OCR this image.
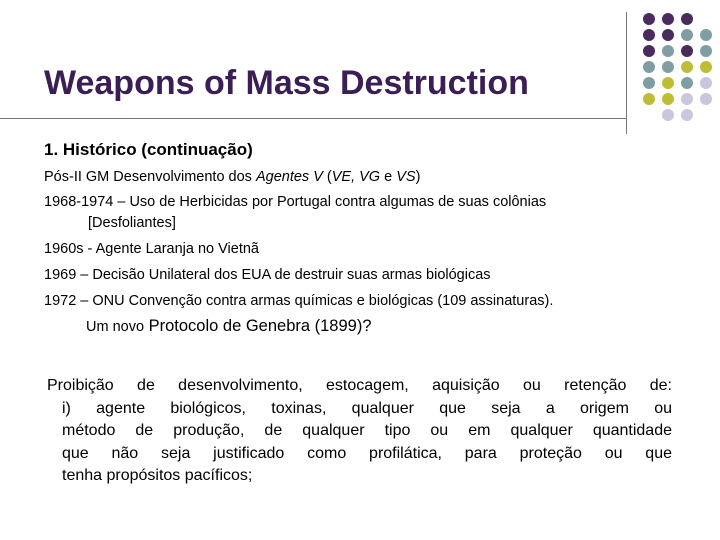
Weapons of Mass Destruction
1. Histórico (continuação)
Pós-II GM Desenvolvimento dos Agentes V (VE, VG e VS)
1968-1974 – Uso de Herbicidas por Portugal contra algumas de suas colônias
[Desfoliantes]
1960s - Agente Laranja no Vietnã
1969 – Decisão Unilateral dos EUA de destruir suas armas biológicas
1972 – ONU Convenção contra armas químicas e biológicas (109 assinaturas).
Um novo Protocolo de Genebra (1899)?
Proibição de desenvolvimento, estocagem, aquisição ou retenção de:
i) agente biológicos, toxinas, qualquer que seja a origem ou
método de produção, de qualquer tipo ou em qualquer quantidade
que não seja justificado como profilática, para proteção ou que
tenha propósitos pacíficos;
